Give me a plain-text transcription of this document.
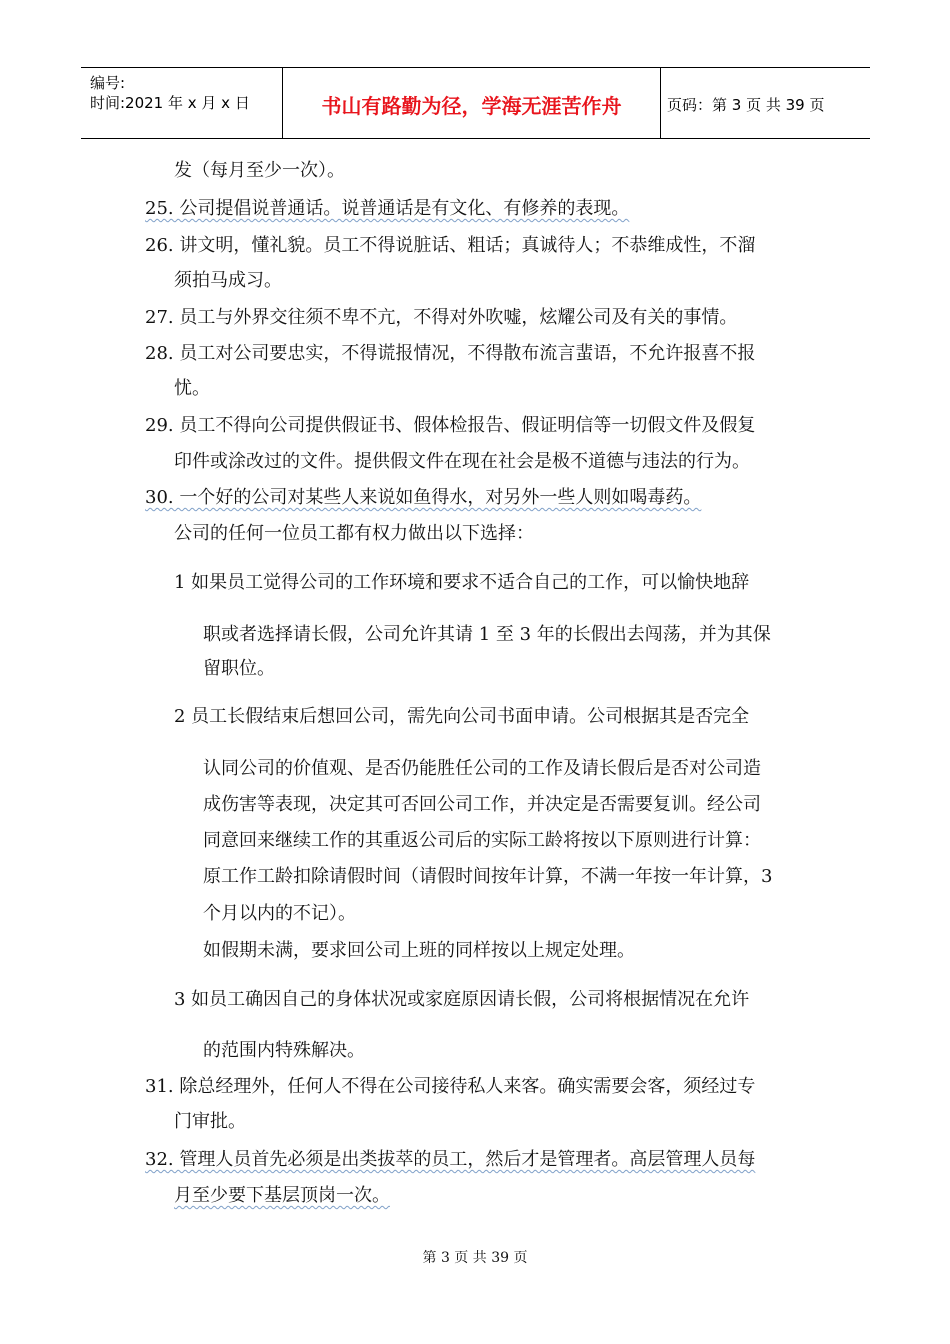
编号:
时间:2021 年 x 月 x 日	书山有路勤为径，学海无涯苦作舟	页码：第 3 页 共 39 页
发（每月至少一次）。
25. 公司提倡说普通话。说普通话是有文化、有修养的表现。
26. 讲文明，懂礼貌。员工不得说脏话、粗话；真诚待人；不恭维成性，不溜
须拍马成习。
27. 员工与外界交往须不卑不亢，不得对外吹嘘，炫耀公司及有关的事情。
28. 员工对公司要忠实，不得谎报情况，不得散布流言蜚语，不允许报喜不报
忧。
29. 员工不得向公司提供假证书、假体检报告、假证明信等一切假文件及假复
印件或涂改过的文件。提供假文件在现在社会是极不道德与违法的行为。
30. 一个好的公司对某些人来说如鱼得水，对另外一些人则如喝毒药。
公司的任何一位员工都有权力做出以下选择：
1 如果员工觉得公司的工作环境和要求不适合自己的工作，可以愉快地辞
职或者选择请长假，公司允许其请 1 至 3 年的长假出去闯荡，并为其保
留职位。
2 员工长假结束后想回公司，需先向公司书面申请。公司根据其是否完全
认同公司的价值观、是否仍能胜任公司的工作及请长假后是否对公司造
成伤害等表现，决定其可否回公司工作，并决定是否需要复训。经公司
同意回来继续工作的其重返公司后的实际工龄将按以下原则进行计算：
原工作工龄扣除请假时间（请假时间按年计算，不满一年按一年计算，3
个月以内的不记）。
如假期未满，要求回公司上班的同样按以上规定处理。
3 如员工确因自己的身体状况或家庭原因请长假，公司将根据情况在允许
的范围内特殊解决。
31. 除总经理外，任何人不得在公司接待私人来客。确实需要会客，须经过专
门审批。
32. 管理人员首先必须是出类拔萃的员工，然后才是管理者。高层管理人员每
月至少要下基层顶岗一次。
第 3 页 共 39 页
